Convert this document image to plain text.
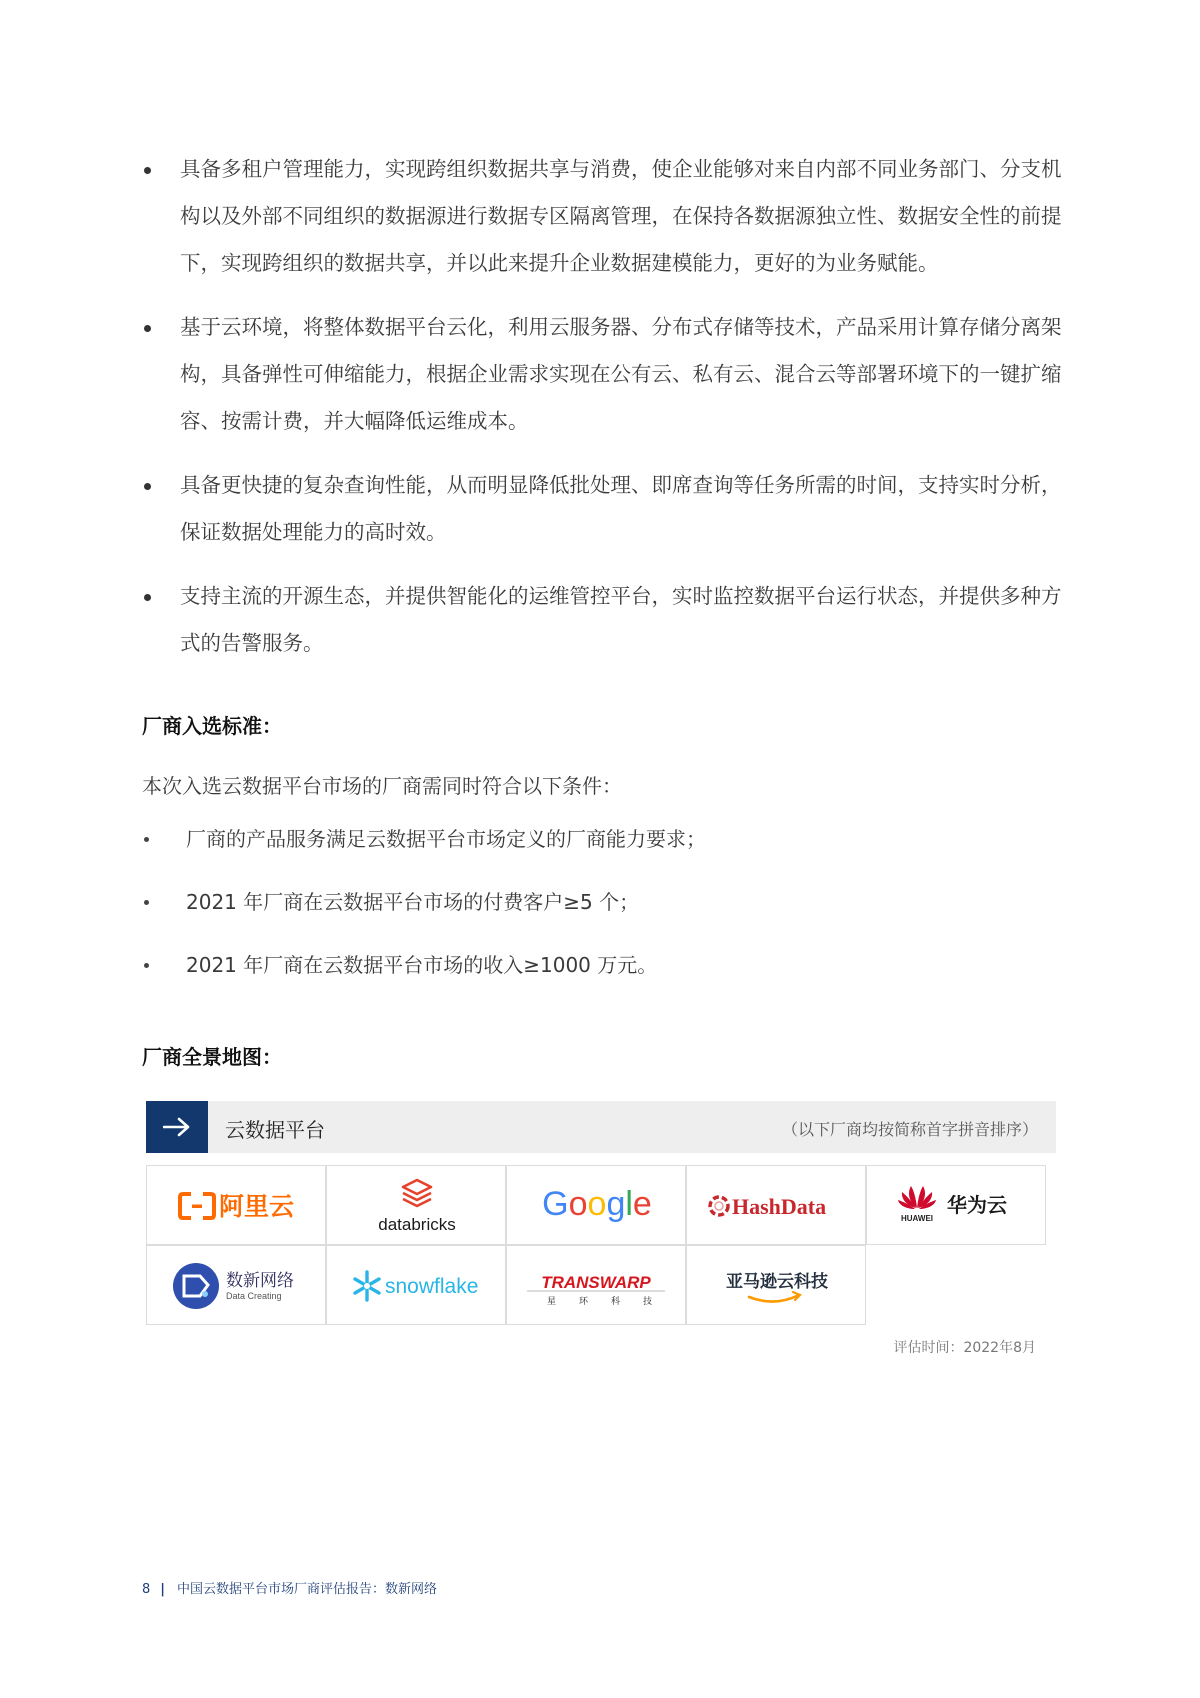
具备多租户管理能力，实现跨组织数据共享与消费，使企业能够对来自内部不同业务部门、分支机构以及外部不同组织的数据源进行数据专区隔离管理，在保持各数据源独立性、数据安全性的前提下，实现跨组织的数据共享，并以此来提升企业数据建模能力，更好的为业务赋能。
基于云环境，将整体数据平台云化，利用云服务器、分布式存储等技术，产品采用计算存储分离架构，具备弹性可伸缩能力，根据企业需求实现在公有云、私有云、混合云等部署环境下的一键扩缩容、按需计费，并大幅降低运维成本。
具备更快捷的复杂查询性能，从而明显降低批处理、即席查询等任务所需的时间，支持实时分析，保证数据处理能力的高时效。
支持主流的开源生态，并提供智能化的运维管控平台，实时监控数据平台运行状态，并提供多种方式的告警服务。
厂商入选标准：
本次入选云数据平台市场的厂商需同时符合以下条件：
厂商的产品服务满足云数据平台市场定义的厂商能力要求；
2021 年厂商在云数据平台市场的付费客户≥5 个；
2021 年厂商在云数据平台市场的收入≥1000 万元。
厂商全景地图：
云数据平台	（以下厂商均按简称首字拼音排序）
阿里云
databricks
Google	HashData	HUAWEI
华为云
数新网络
Data Creating	snowflake	TRANSWARP
星	环	科	技
亚马逊云科技
评估时间：2022年8月
8 | 中国云数据平台市场厂商评估报告：数新网络
